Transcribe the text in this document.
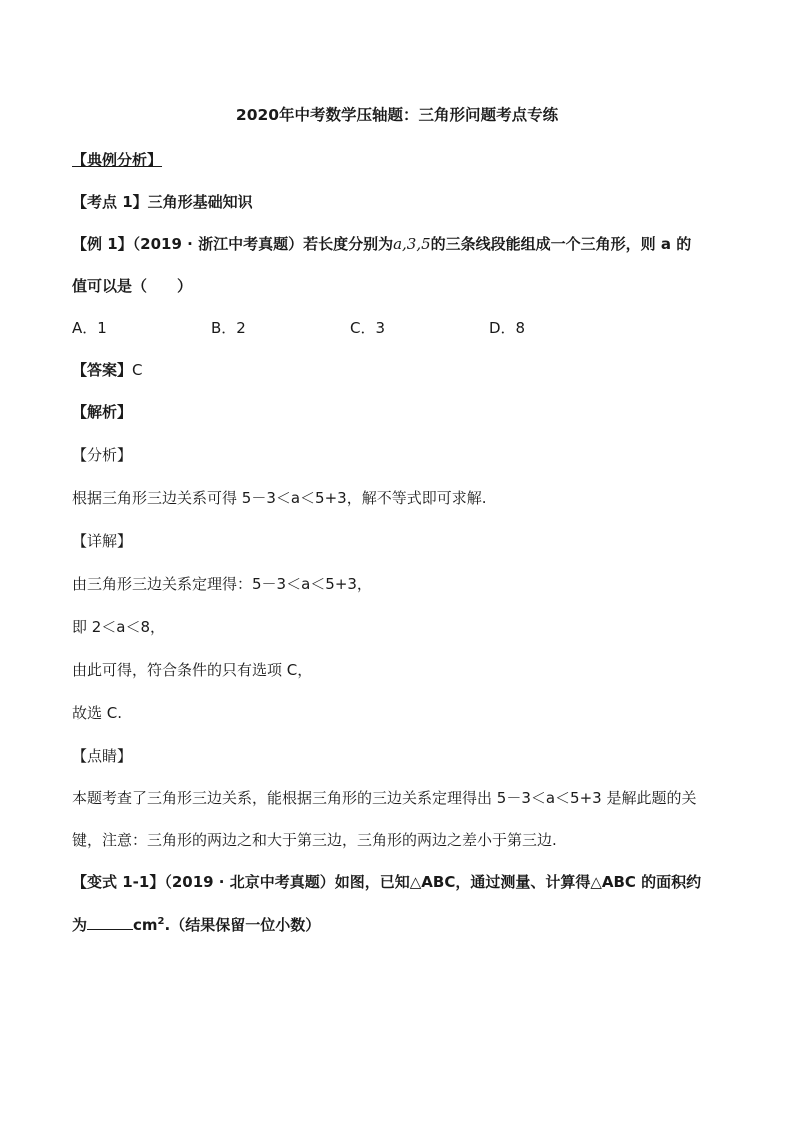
2020年中考数学压轴题：三角形问题考点专练
【典例分析】
【考点 1】三角形基础知识
【例 1】（2019 · 浙江中考真题）若长度分别为a,3,5的三条线段能组成一个三角形，则 a 的
值可以是（　　）
A．1	B．2	C．3	D．8
【答案】C
【解析】
【分析】
根据三角形三边关系可得 5－3＜a＜5+3，解不等式即可求解.
【详解】
由三角形三边关系定理得：5－3＜a＜5+3，
即 2＜a＜8，
由此可得，符合条件的只有选项 C，
故选 C.
【点睛】
本题考查了三角形三边关系，能根据三角形的三边关系定理得出 5－3＜a＜5+3 是解此题的关
键，注意：三角形的两边之和大于第三边，三角形的两边之差小于第三边.
【变式 1-1】（2019 · 北京中考真题）如图，已知△ABC，通过测量、计算得△ABC 的面积约
为	$cm^2$.（结果保留一位小数）
